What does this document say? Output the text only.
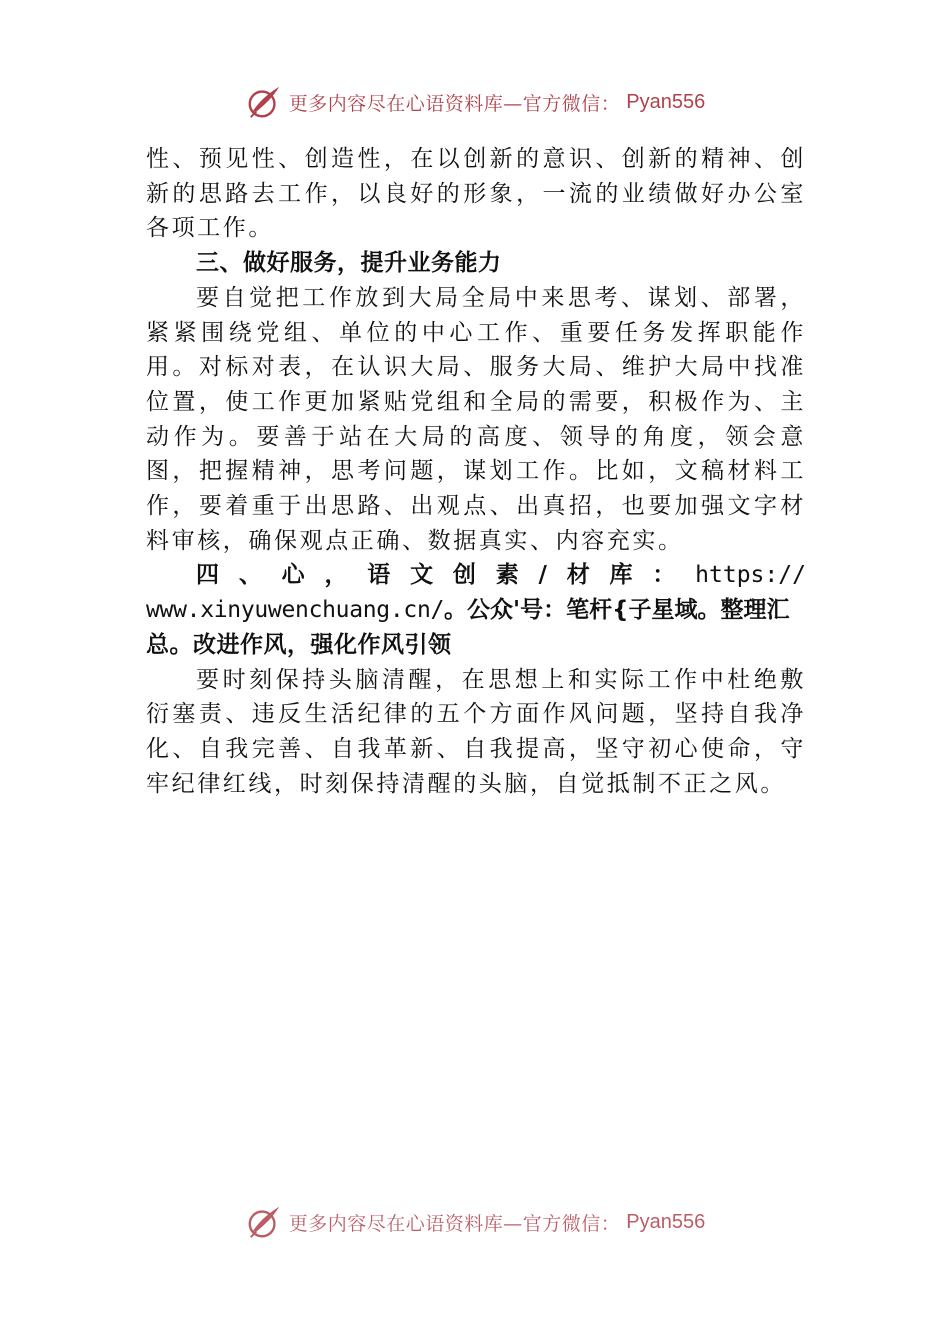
更多内容尽在心语资料库—官方微信： Pyan556

性、预见性、创造性，在以创新的意识、创新的精神、创新的思路去工作，以良好的形象，一流的业绩做好办公室各项工作。

三、做好服务，提升业务能力

要自觉把工作放到大局全局中来思考、谋划、部署，紧紧围绕党组、单位的中心工作、重要任务发挥职能作用。对标对表，在认识大局、服务大局、维护大局中找准位置，使工作更加紧贴党组和全局的需要，积极作为、主动作为。要善于站在大局的高度、领导的角度，领会意图，把握精神，思考问题，谋划工作。比如，文稿材料工作，要着重于出思路、出观点、出真招，也要加强文字材料审核，确保观点正确、数据真实、内容充实。

四 、 心 ， 语 文 创 素 / 材 库 ： https://

www.xinyuwenchuang.cn/。公众'号：笔杆{子星域。整理汇

总。改进作风，强化作风引领

要时刻保持头脑清醒，在思想上和实际工作中杜绝敷衍塞责、违反生活纪律的五个方面作风问题，坚持自我净化、自我完善、自我革新、自我提高，坚守初心使命，守牢纪律红线，时刻保持清醒的头脑，自觉抵制不正之风。

更多内容尽在心语资料库—官方微信： Pyan556
